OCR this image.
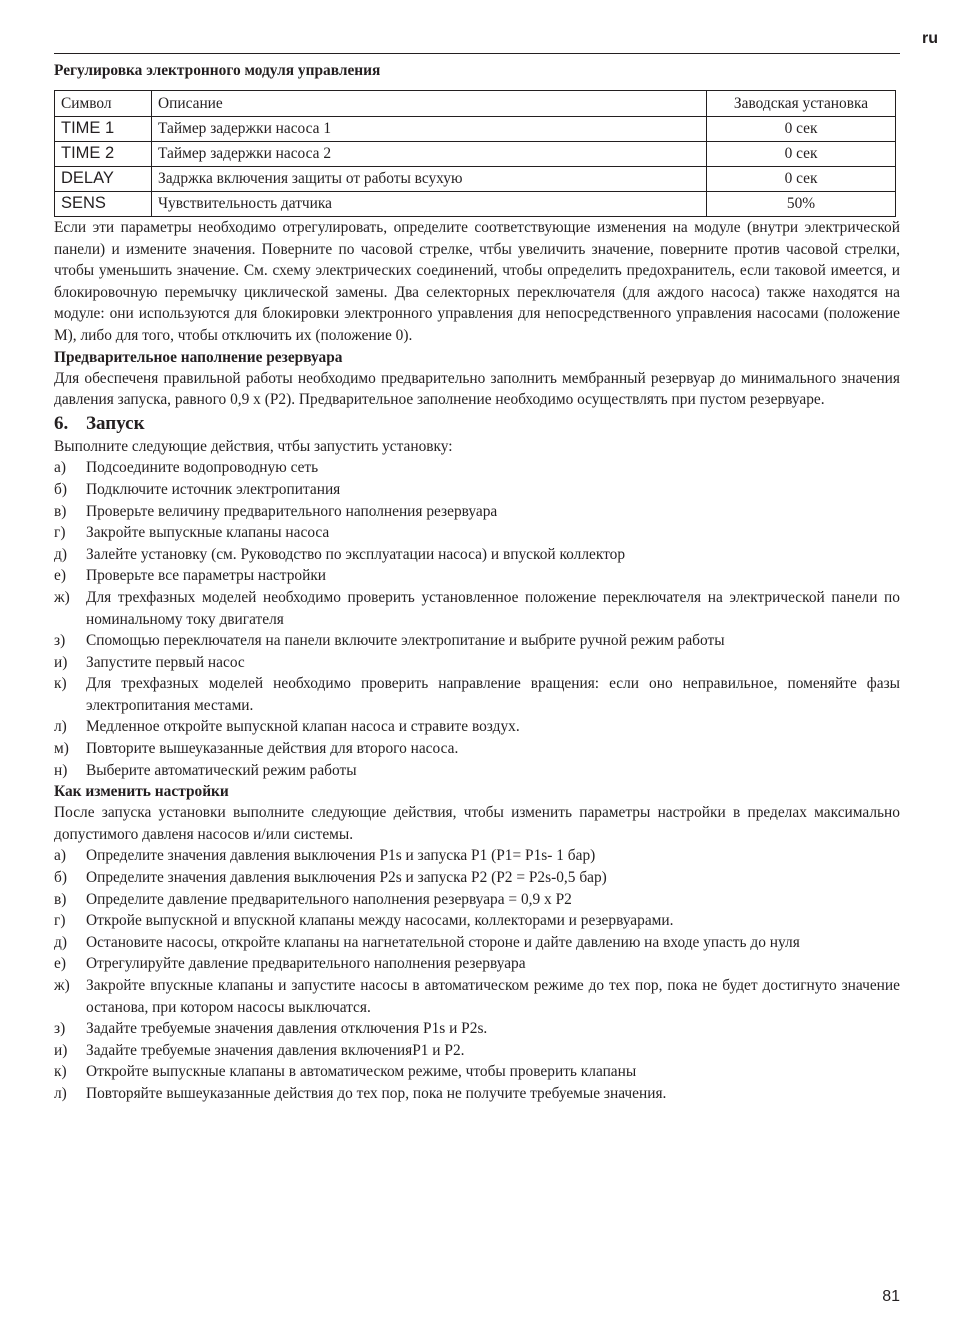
ru
Регулировка электронного модуля управления
Символ	Описание	Заводская установка
TIME 1	Таймер задержки насоса 1	0 сек
TIME 2	Таймер задержки насоса 2	0 сек
DELAY	Задржка включения защиты от работы всухую	0 сек
SENS	Чувствительность датчика	50%

Если эти параметры необходимо отрегулировать, определите соответствующие изменения на модуле (внутри электрической панели) и измените значения. Поверните по часовой стрелке, чтбы увеличить значение, поверните против часовой стрелки, чтобы уменьшить значение. См. схему электрических соединений, чтобы определить предохранитель, если таковой имеется, и блокировочную перемычку циклической замены. Два селекторных переключателя (для аждого насоса) также находятся на модуле: они используются для блокировки электронного управления для непосредственного управления насосами (положение M), либо для того, чтобы отключить их (положение 0).

Предварительное наполнение резервуара

Для обеспеченя правильной работы необходимо предварительно заполнить мембранный резервуар до минимального значения давления запуска, равного 0,9 x (P2). Предварительное заполнение необходимо осуществлять при пустом резервуаре.

6. Запуск

Выполните следующие действия, чтбы запустить установку:

а) Подсоедините водопроводную сеть
б) Подключите источник электропитания
в) Проверьте величину предварительного наполнения резервуара
г) Закройте выпускные клапаны насоса
д) Залейте установку (см. Руководство по эксплуатации насоса) и впуской коллектор
е) Проверьте все параметры настройки
ж) Для трехфазных моделей необходимо проверить установленное положение переключателя на электрической панели по номинальному току двигателя
з) Спомощью переключателя на панели включите электропитание и выбрите ручной режим работы
и) Запустите первый насос
к) Для трехфазных моделей необходимо проверить направление вращения: если оно неправильное, поменяйте фазы электропитания местами.
л) Медленное откройте выпускной клапан насоса и стравите воздух.
м) Повторите вышеуказанные действия для второго насоса.
н) Выберите автоматический режим работы
Как изменить настройки

После запуска установки выполните следующие действия, чтобы изменить параметры настройки в пределах максимально допустимого давленя насосов и/или системы.

а) Определите значения давления выключения P1s и запуска P1 (P1= P1s- 1 бар)
б) Определите значения давления выключения P2s и запуска P2 (P2 = P2s-0,5 бар)
в) Определите давление предварительного наполнения резервуара = 0,9 x P2
г) Откройе выпускной и впускной клапаны между насосами, коллекторами и резервуарами.
д) Остановите насосы, откройте клапаны на нагнетательной стороне и дайте давлению на входе упасть до нуля
е) Отрегулируйте давление предварительного наполнения резервуара
ж) Закройте впускные клапаны и запустите насосы в автоматическом режиме до тех пор, пока не будет достигнуто значение останова, при котором насосы выключатся.
з) Задайте требуемые значения давления отключения P1s и P2s.
и) Задайте требуемые значения давления включенияP1 и P2.
к) Откройте выпускные клапаны в автоматическом режиме, чтобы проверить клапаны
л) Повторяйте вышеуказанные действия до тех пор, пока не получите требуемые значения.
81
